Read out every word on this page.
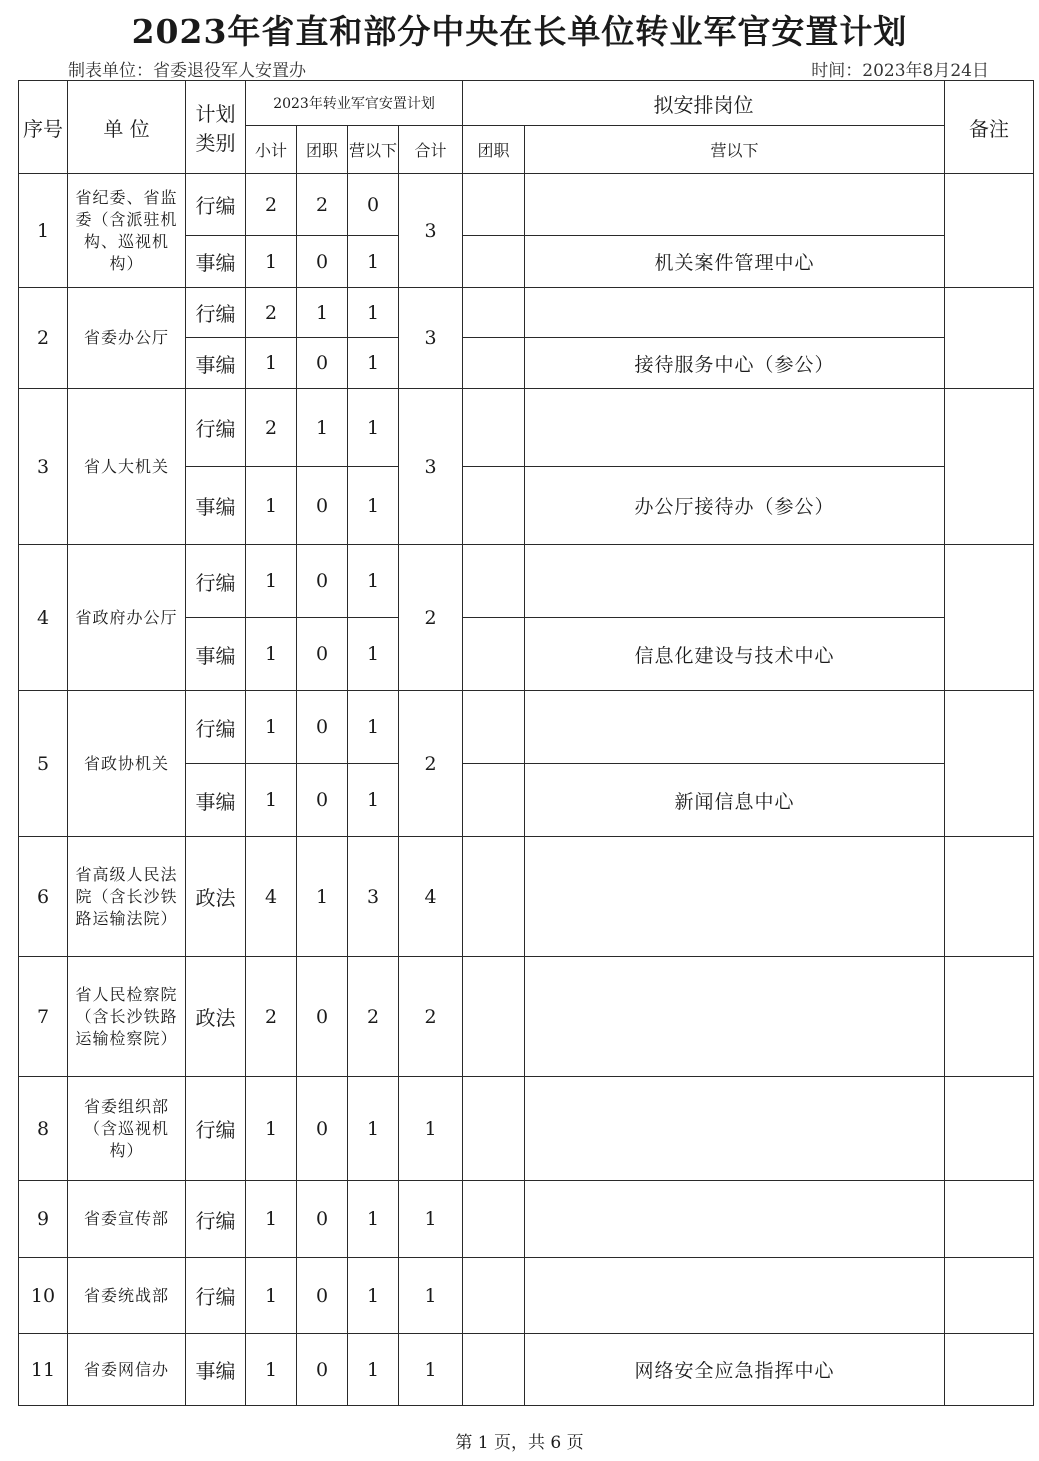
2023年省直和部分中央在长单位转业军官安置计划
制表单位：省委退役军人安置办	时间：2023年8月24日
序号	单 位	计划类别	2023年转业军官安置计划				拟安排岗位		备注
			小计	团职	营以下	合计	团职	营以下	
1	省纪委、省监委（含派驻机构、巡视机构）	行编	2	2	0	3			
		事编	1	0	1			机关案件管理中心	
2	省委办公厅	行编	2	1	1	3			
		事编	1	0	1			接待服务中心（参公）	
3	省人大机关	行编	2	1	1	3			
		事编	1	0	1			办公厅接待办（参公）	
4	省政府办公厅	行编	1	0	1	2			
		事编	1	0	1			信息化建设与技术中心	
5	省政协机关	行编	1	0	1	2			
		事编	1	0	1			新闻信息中心	
6	省高级人民法院（含长沙铁路运输法院）	政法	4	1	3	4			
7	省人民检察院（含长沙铁路运输检察院）	政法	2	0	2	2			
8	省委组织部（含巡视机构）	行编	1	0	1	1			
9	省委宣传部	行编	1	0	1	1			
10	省委统战部	行编	1	0	1	1			
11	省委网信办	事编	1	0	1	1		网络安全应急指挥中心	
第 1 页，共 6 页
